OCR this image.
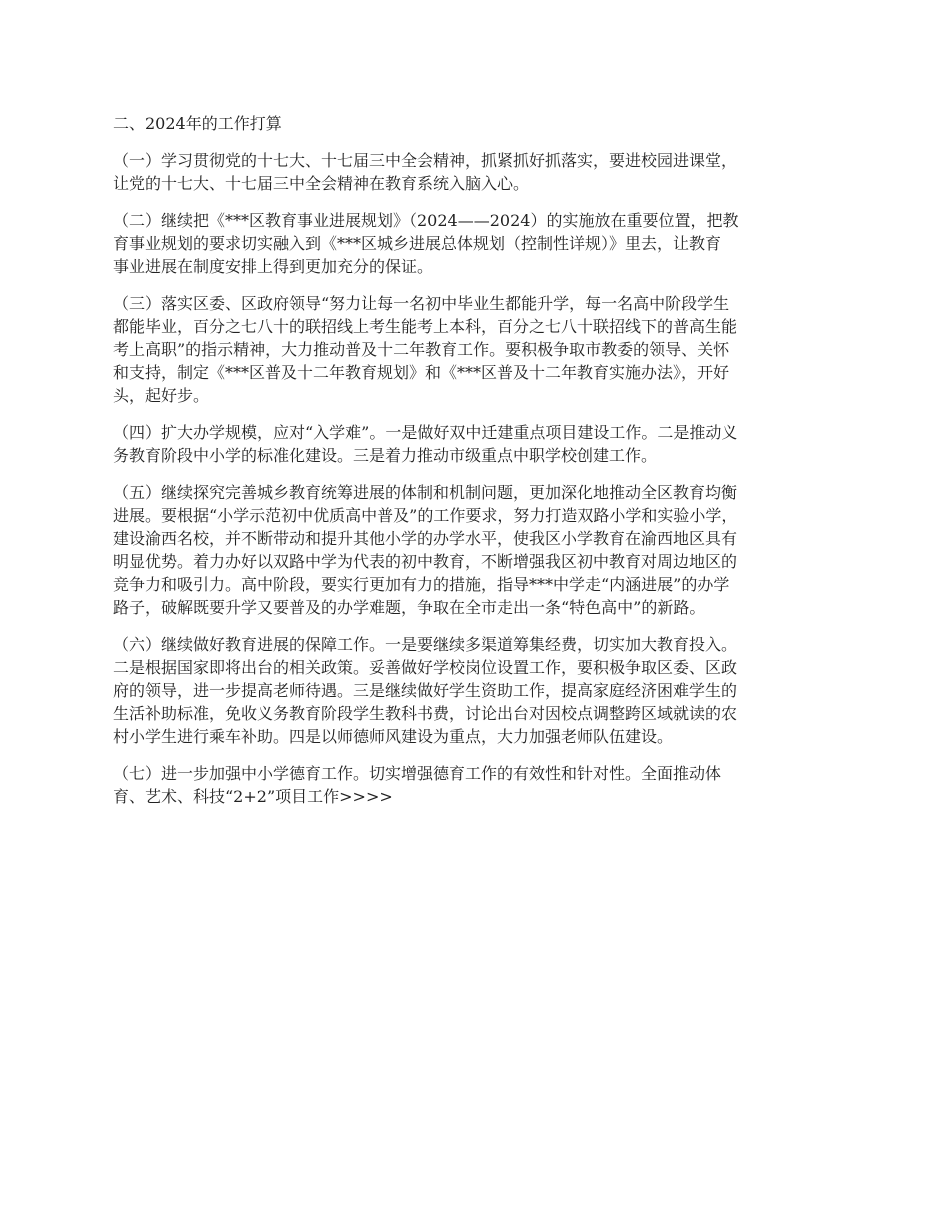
二、2024年的工作打算
（一）学习贯彻党的十七大、十七届三中全会精神，抓紧抓好抓落实，要进校园进课堂，
让党的十七大、十七届三中全会精神在教育系统入脑入心。
（二）继续把《***区教育事业进展规划》（2024——2024）的实施放在重要位置，把教
育事业规划的要求切实融入到《***区城乡进展总体规划（控制性详规）》里去，让教育
事业进展在制度安排上得到更加充分的保证。
（三）落实区委、区政府领导“努力让每一名初中毕业生都能升学，每一名高中阶段学生
都能毕业，百分之七八十的联招线上考生能考上本科，百分之七八十联招线下的普高生能
考上高职”的指示精神，大力推动普及十二年教育工作。要积极争取市教委的领导、关怀
和支持，制定《***区普及十二年教育规划》和《***区普及十二年教育实施办法》，开好
头，起好步。
（四）扩大办学规模，应对“入学难”。一是做好双中迁建重点项目建设工作。二是推动义
务教育阶段中小学的标准化建设。三是着力推动市级重点中职学校创建工作。
（五）继续探究完善城乡教育统筹进展的体制和机制问题，更加深化地推动全区教育均衡
进展。要根据“小学示范初中优质高中普及”的工作要求，努力打造双路小学和实验小学，
建设渝西名校，并不断带动和提升其他小学的办学水平，使我区小学教育在渝西地区具有
明显优势。着力办好以双路中学为代表的初中教育，不断增强我区初中教育对周边地区的
竞争力和吸引力。高中阶段，要实行更加有力的措施，指导***中学走“内涵进展”的办学
路子，破解既要升学又要普及的办学难题，争取在全市走出一条“特色高中”的新路。
（六）继续做好教育进展的保障工作。一是要继续多渠道筹集经费，切实加大教育投入。
二是根据国家即将出台的相关政策。妥善做好学校岗位设置工作，要积极争取区委、区政
府的领导，进一步提高老师待遇。三是继续做好学生资助工作，提高家庭经济困难学生的
生活补助标准，免收义务教育阶段学生教科书费，讨论出台对因校点调整跨区域就读的农
村小学生进行乘车补助。四是以师德师风建设为重点，大力加强老师队伍建设。
（七）进一步加强中小学德育工作。切实增强德育工作的有效性和针对性。全面推动体
育、艺术、科技“2+2”项目工作>>>>
